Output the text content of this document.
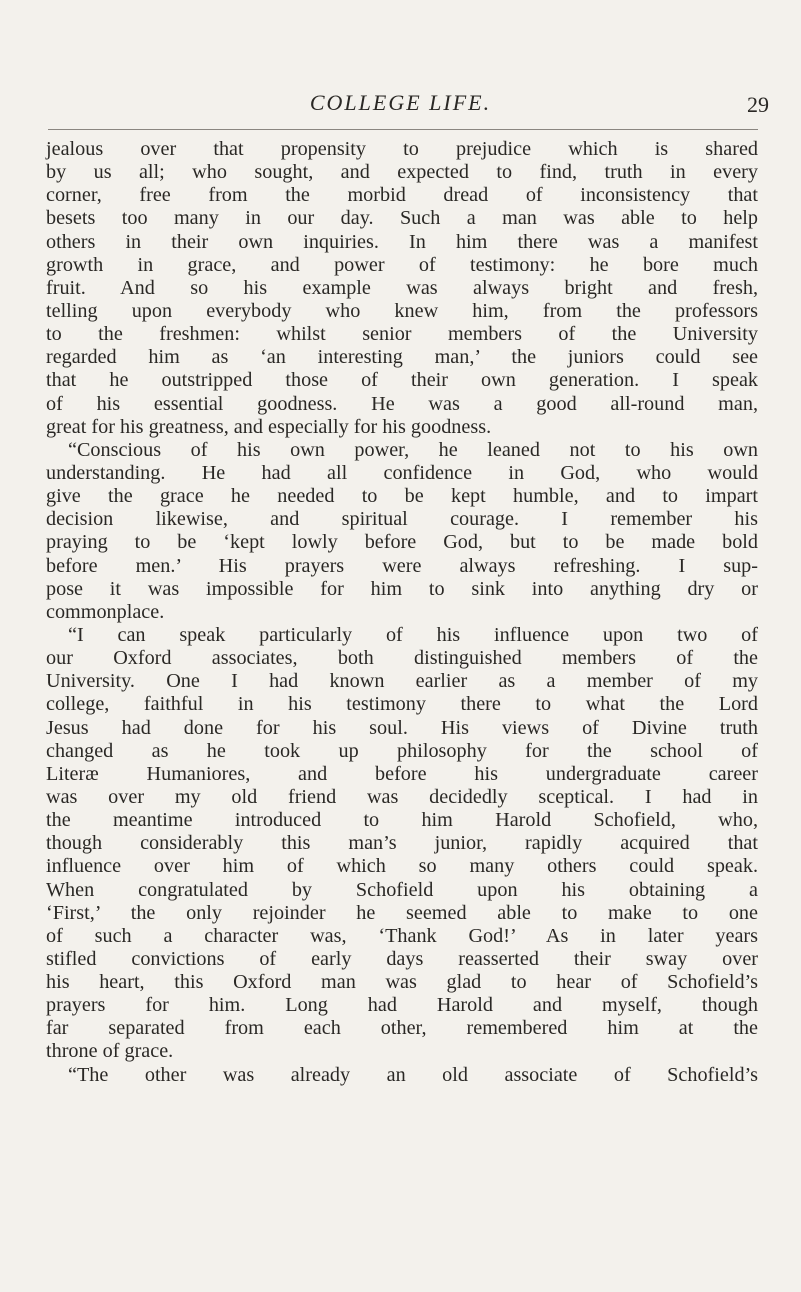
COLLEGE LIFE.	29
jealous over that propensity to prejudice which is shared
by us all; who sought, and expected to find, truth in every
corner, free from the morbid dread of inconsistency that
besets too many in our day. Such a man was able to help
others in their own inquiries. In him there was a manifest
growth in grace, and power of testimony: he bore much
fruit. And so his example was always bright and fresh,
telling upon everybody who knew him, from the professors
to the freshmen: whilst senior members of the University
regarded him as ‘an interesting man,’ the juniors could see
that he outstripped those of their own generation. I speak
of his essential goodness. He was a good all-round man,
great for his greatness, and especially for his goodness.
“Conscious of his own power, he leaned not to his own
understanding. He had all confidence in God, who would
give the grace he needed to be kept humble, and to impart
decision likewise, and spiritual courage. I remember his
praying to be ‘kept lowly before God, but to be made bold
before men.’ His prayers were always refreshing. I sup-
pose it was impossible for him to sink into anything dry or
commonplace.
“I can speak particularly of his influence upon two of
our Oxford associates, both distinguished members of the
University. One I had known earlier as a member of my
college, faithful in his testimony there to what the Lord
Jesus had done for his soul. His views of Divine truth
changed as he took up philosophy for the school of
Literæ Humaniores, and before his undergraduate career
was over my old friend was decidedly sceptical. I had in
the meantime introduced to him Harold Schofield, who,
though considerably this man’s junior, rapidly acquired that
influence over him of which so many others could speak.
When congratulated by Schofield upon his obtaining a
‘First,’ the only rejoinder he seemed able to make to one
of such a character was, ‘Thank God!’ As in later years
stifled convictions of early days reasserted their sway over
his heart, this Oxford man was glad to hear of Schofield’s
prayers for him. Long had Harold and myself, though
far separated from each other, remembered him at the
throne of grace.
“The other was already an old associate of Schofield’s
